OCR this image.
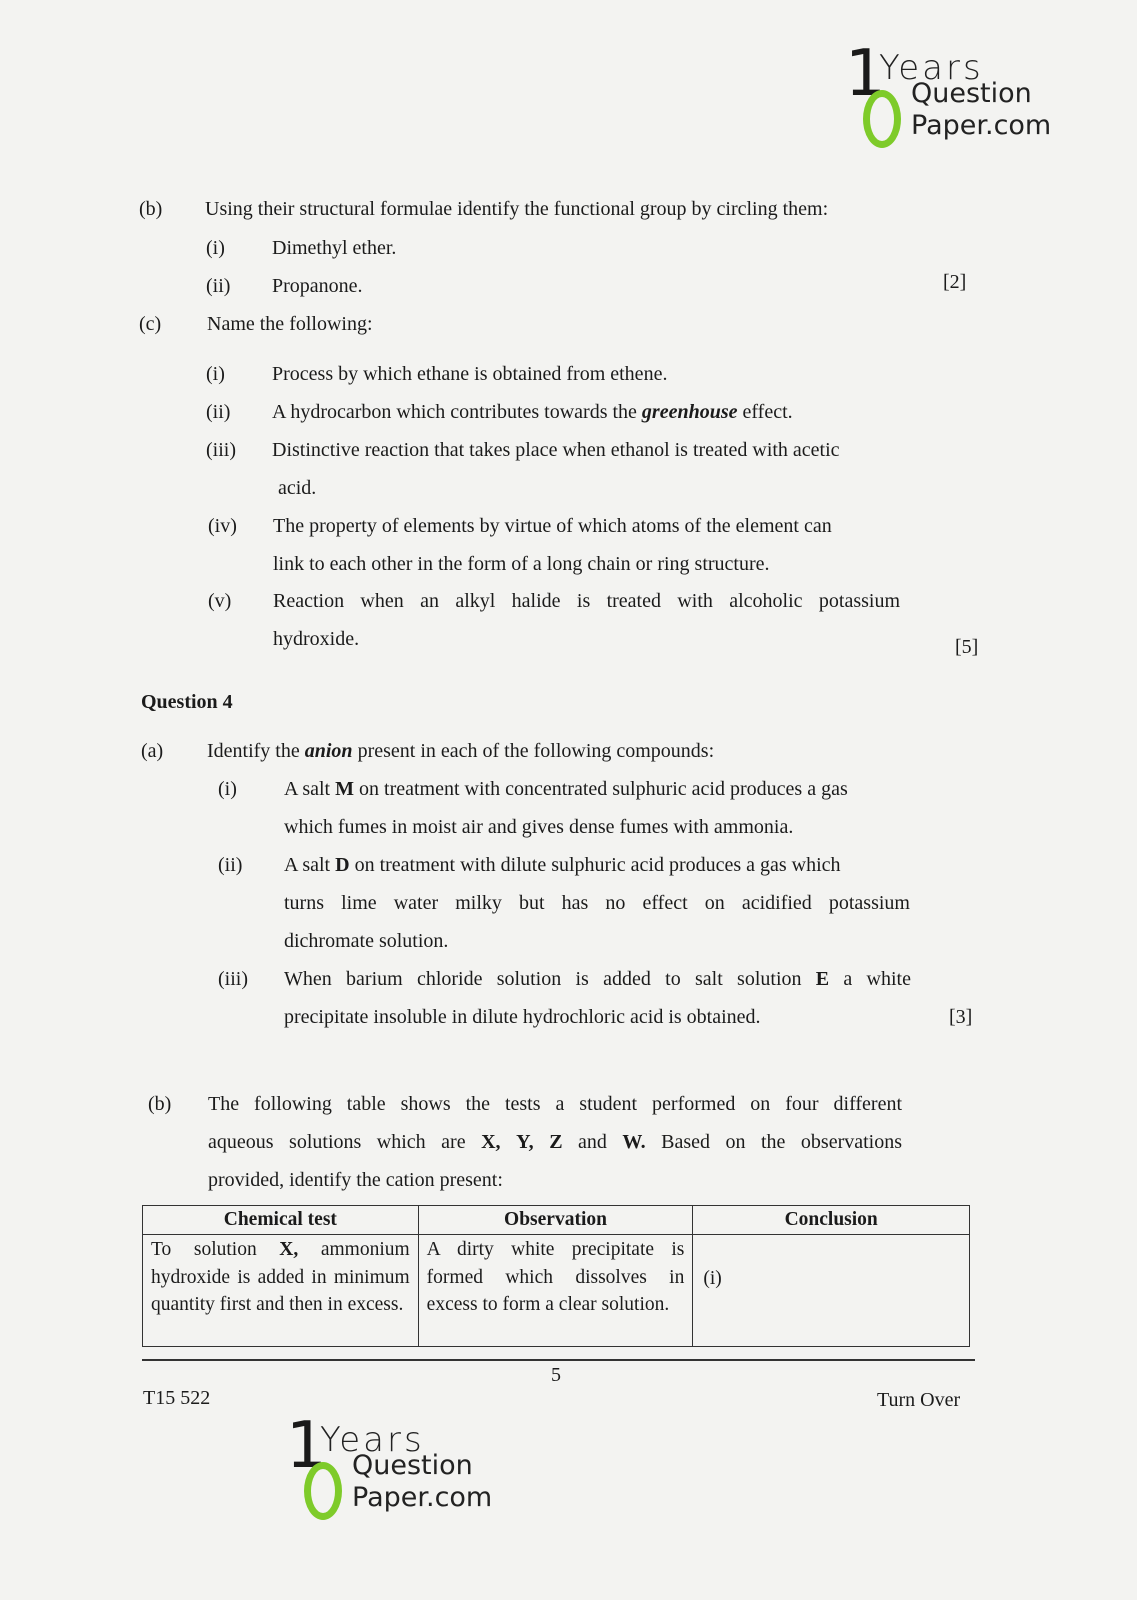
1
Years
Question
Paper.com
(b) Using their structural formulae identify the functional group by circling them:
(i) Dimethyl ether.
(ii) Propanone.	[2]
(c) Name the following:
(i) Process by which ethane is obtained from ethene.
(ii) A hydrocarbon which contributes towards the greenhouse effect.
(iii) Distinctive reaction that takes place when ethanol is treated with acetic
acid.
(iv) The property of elements by virtue of which atoms of the element can
link to each other in the form of a long chain or ring structure.
(v) Reaction when an alkyl halide is treated with alcoholic potassium
hydroxide.	[5]
Question 4
(a) Identify the anion present in each of the following compounds:
(i) A salt M on treatment with concentrated sulphuric acid produces a gas
which fumes in moist air and gives dense fumes with ammonia.
(ii) A salt D on treatment with dilute sulphuric acid produces a gas which
turns lime water milky but has no effect on acidified potassium
dichromate solution.
(iii) When barium chloride solution is added to salt solution E a white
precipitate insoluble in dilute hydrochloric acid is obtained.	[3]
(b) The following table shows the tests a student performed on four different
aqueous solutions which are X, Y, Z and W. Based on the observations
provided, identify the cation present:
Chemical test	Observation	Conclusion
To solution X, ammonium hydroxide is added in minimum quantity first and then in excess.	A dirty white precipitate is formed which dissolves in excess to form a clear solution.	(i)
5
T15 522	Turn Over
1
Years
Question
Paper.com
